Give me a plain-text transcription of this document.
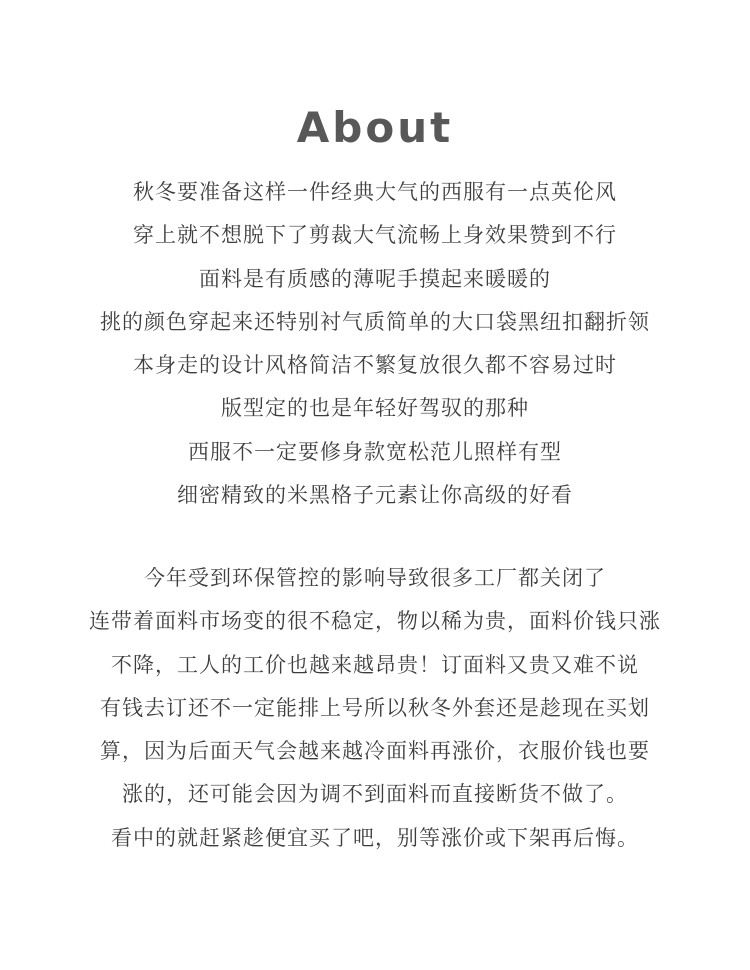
About
秋冬要准备这样一件经典大气的西服有一点英伦风
穿上就不想脱下了剪裁大气流畅上身效果赞到不行
面料是有质感的薄呢手摸起来暖暖的
挑的颜色穿起来还特别衬气质简单的大口袋黑纽扣翻折领
本身走的设计风格简洁不繁复放很久都不容易过时
版型定的也是年轻好驾驭的那种
西服不一定要修身款宽松范儿照样有型
细密精致的米黑格子元素让你高级的好看
今年受到环保管控的影响导致很多工厂都关闭了
连带着面料市场变的很不稳定，物以稀为贵，面料价钱只涨
不降，工人的工价也越来越昂贵！订面料又贵又难不说
有钱去订还不一定能排上号所以秋冬外套还是趁现在买划
算，因为后面天气会越来越冷面料再涨价，衣服价钱也要
涨的，还可能会因为调不到面料而直接断货不做了。
看中的就赶紧趁便宜买了吧，别等涨价或下架再后悔。
